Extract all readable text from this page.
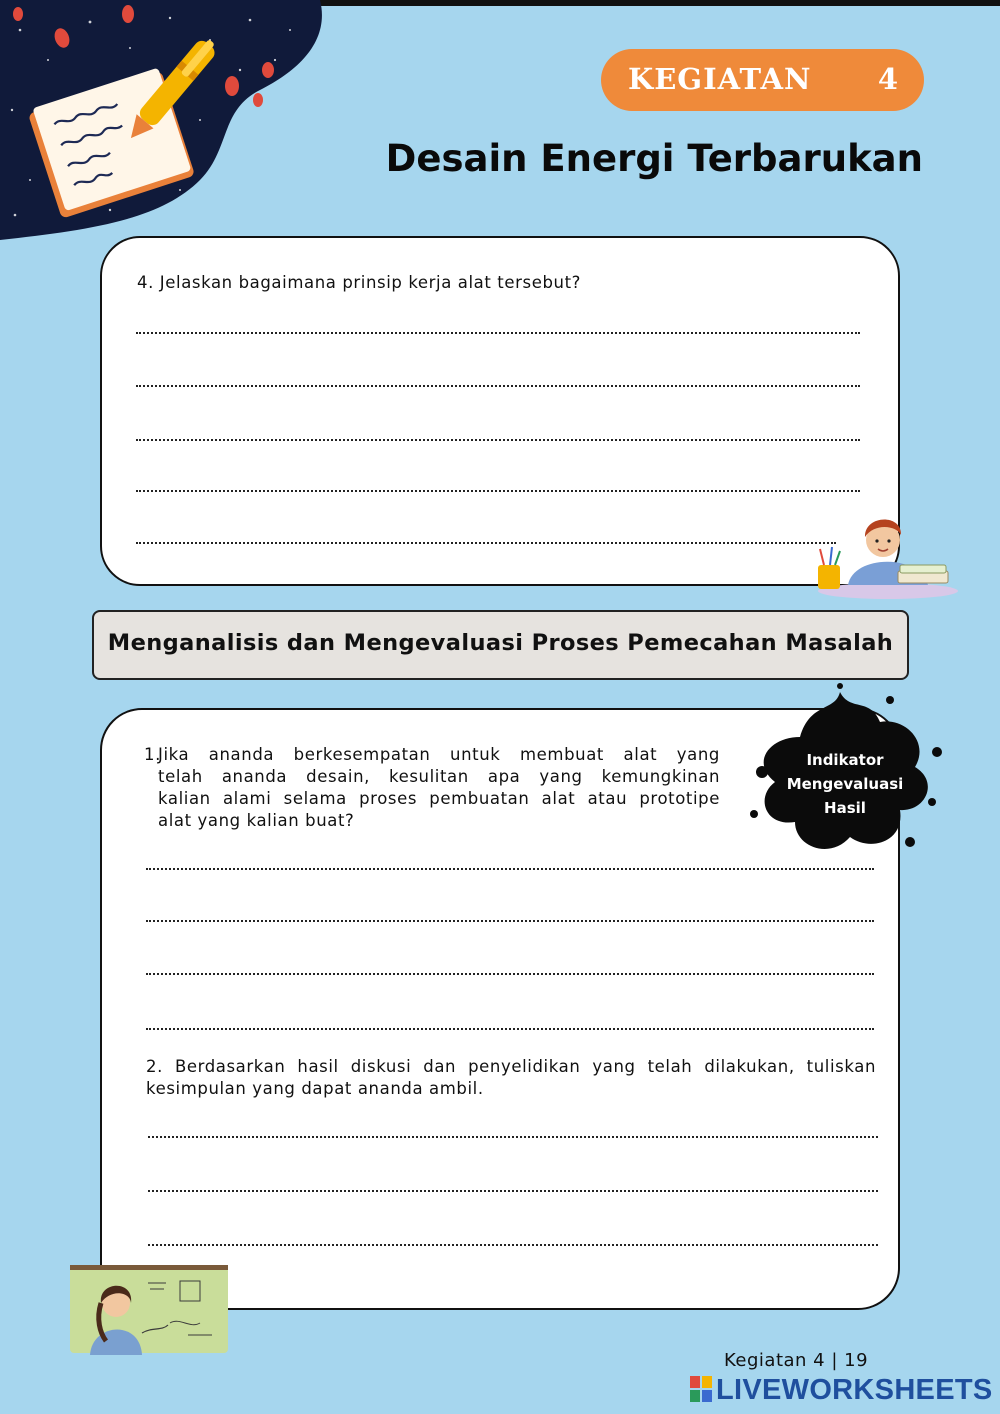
KEGIATAN 4
Desain Energi Terbarukan
4. Jelaskan bagaimana prinsip kerja alat tersebut?
Menganalisis dan Mengevaluasi Proses Pemecahan Masalah
1.
Jika ananda berkesempatan untuk membuat alat yang
telah ananda desain, kesulitan apa yang kemungkinan
kalian alami selama proses pembuatan alat atau prototipe
alat yang kalian buat?
2. Berdasarkan hasil diskusi dan penyelidikan yang telah dilakukan, tuliskan
kesimpulan yang dapat ananda ambil.
Indikator
Mengevaluasi
Hasil
Kegiatan 4 | 19
LIVEWORKSHEETS
